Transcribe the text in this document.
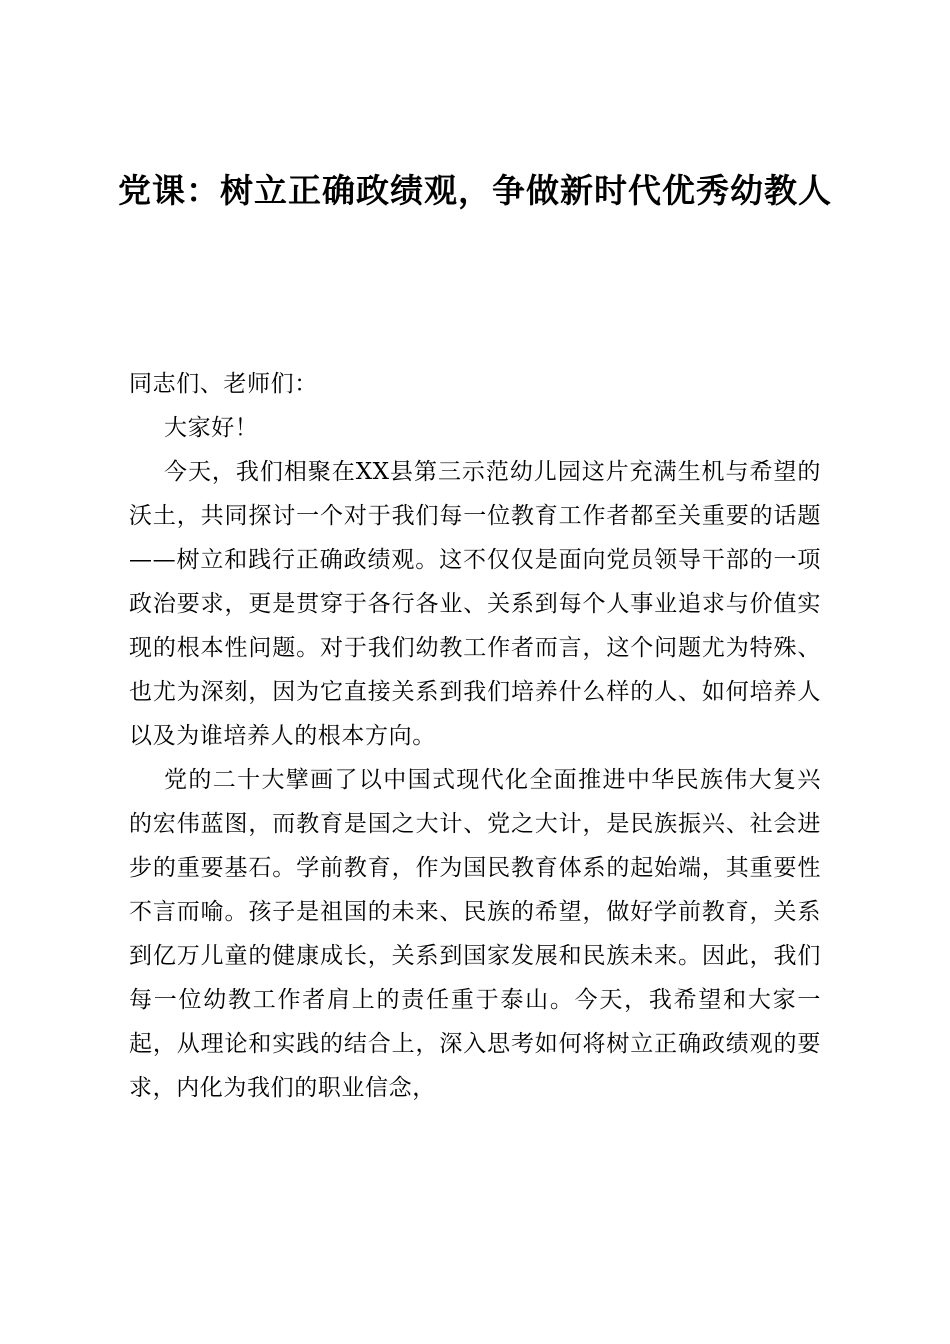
党课：树立正确政绩观，争做新时代优秀幼教人

同志们、老师们：

大家好！

今天，我们相聚在XX县第三示范幼儿园这片充满生机与希望的沃土，共同探讨一个对于我们每一位教育工作者都至关重要的话题——树立和践行正确政绩观。这不仅仅是面向党员领导干部的一项政治要求，更是贯穿于各行各业、关系到每个人事业追求与价值实现的根本性问题。对于我们幼教工作者而言，这个问题尤为特殊、也尤为深刻，因为它直接关系到我们培养什么样的人、如何培养人以及为谁培养人的根本方向。

党的二十大擘画了以中国式现代化全面推进中华民族伟大复兴的宏伟蓝图，而教育是国之大计、党之大计，是民族振兴、社会进步的重要基石。学前教育，作为国民教育体系的起始端，其重要性不言而喻。孩子是祖国的未来、民族的希望，做好学前教育，关系到亿万儿童的健康成长，关系到国家发展和民族未来。因此，我们每一位幼教工作者肩上的责任重于泰山。今天，我希望和大家一起，从理论和实践的结合上，深入思考如何将树立正确政绩观的要求，内化为我们的职业信念，
